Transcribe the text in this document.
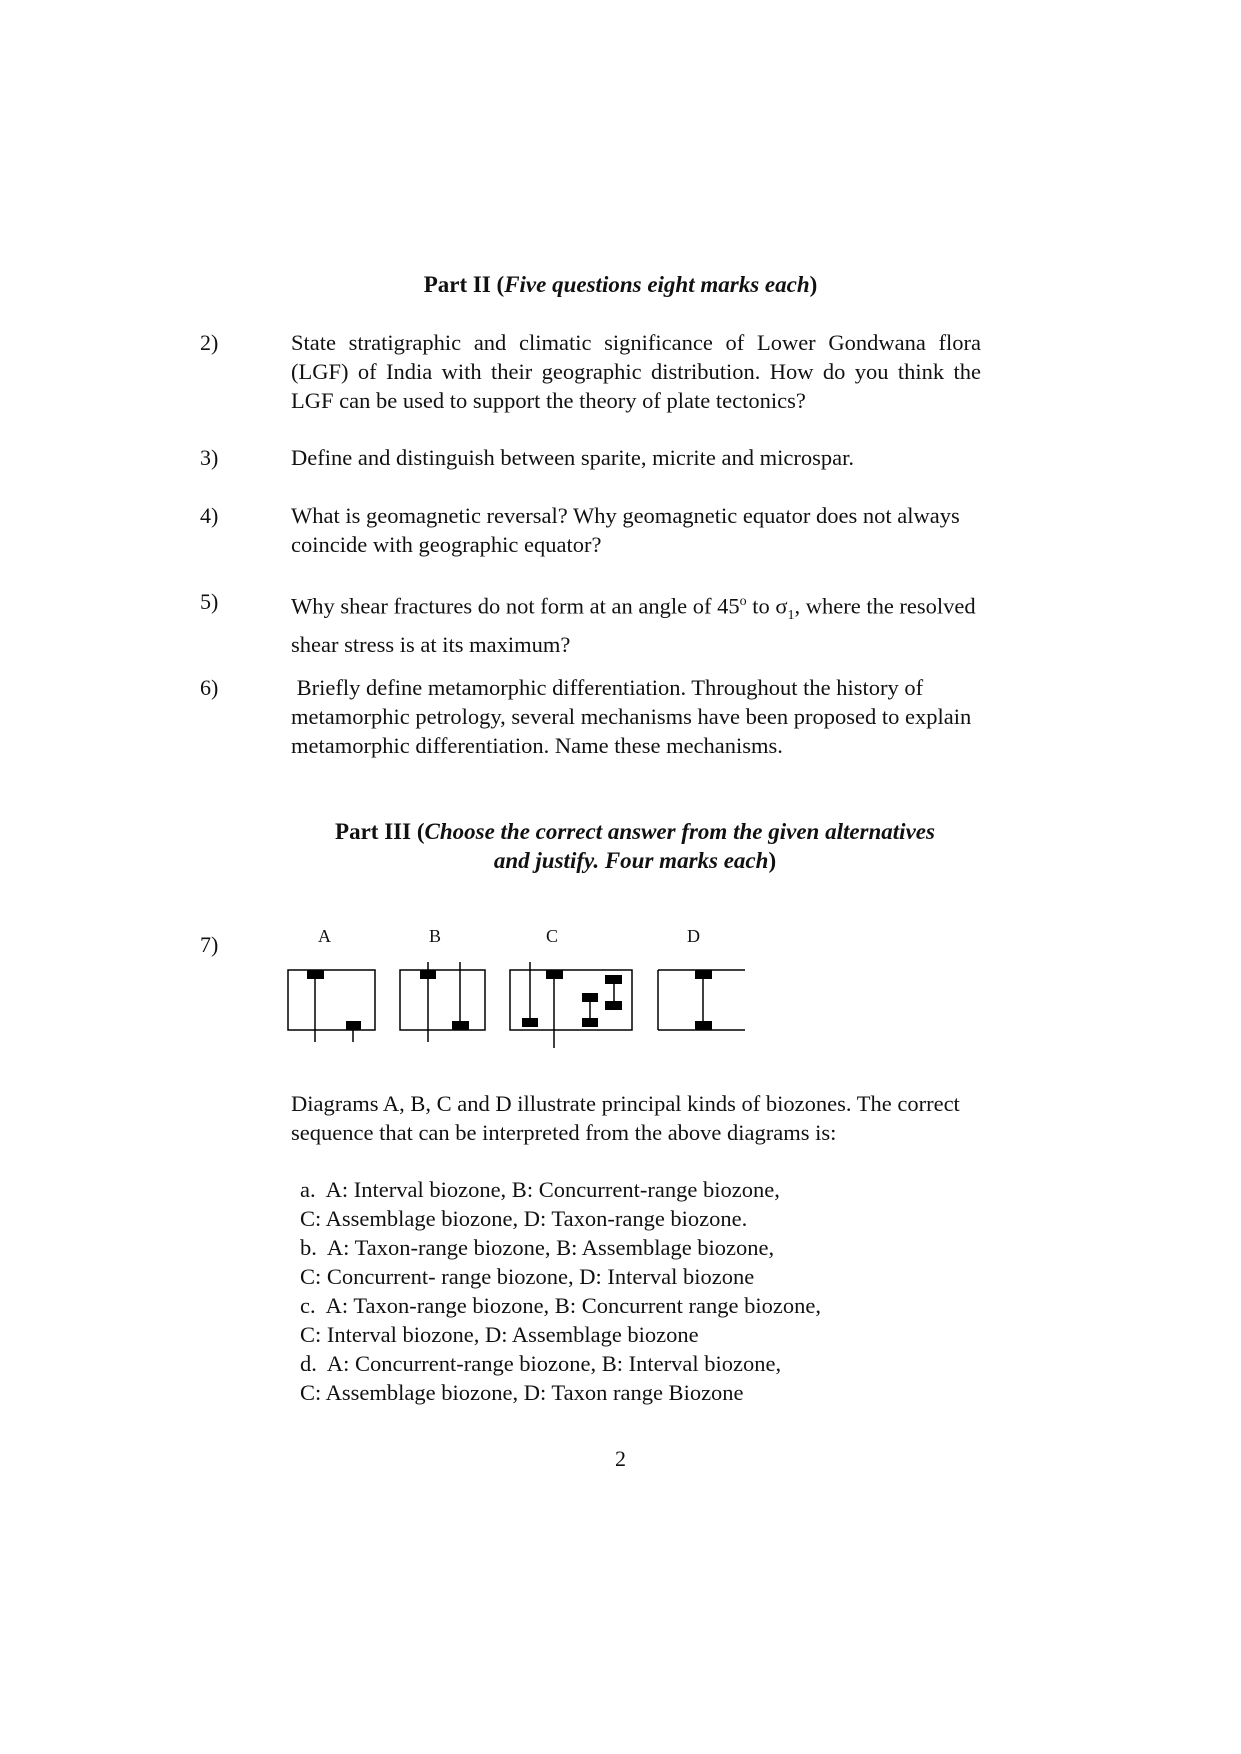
Part II (Five questions eight marks each)
2)	State stratigraphic and climatic significance of Lower Gondwana flora (LGF) of India with their geographic distribution. How do you think the LGF can be used to support the theory of plate tectonics?
3)	Define and distinguish between sparite, micrite and microspar.
4)	What is geomagnetic reversal? Why geomagnetic equator does not always coincide with geographic equator?
5)	Why shear fractures do not form at an angle of 45$^o$ to $\sigma_1$, where the resolved shear stress is at its maximum?
6)	Briefly define metamorphic differentiation. Throughout the history of metamorphic petrology, several mechanisms have been proposed to explain metamorphic differentiation. Name these mechanisms.
Part III (Choose the correct answer from the given alternatives
and justify. Four marks each)
7)	A	B	C	D
Diagrams A, B, C and D illustrate principal kinds of biozones. The correct sequence that can be interpreted from the above diagrams is:
a.  A: Interval biozone, B: Concurrent-range biozone,
C: Assemblage biozone, D: Taxon-range biozone.
b.  A: Taxon-range biozone, B: Assemblage biozone,
C: Concurrent- range biozone, D: Interval biozone
c.  A: Taxon-range biozone, B: Concurrent range biozone,
C: Interval biozone, D: Assemblage biozone
d.  A: Concurrent-range biozone, B: Interval biozone,
C: Assemblage biozone, D: Taxon range Biozone
2
